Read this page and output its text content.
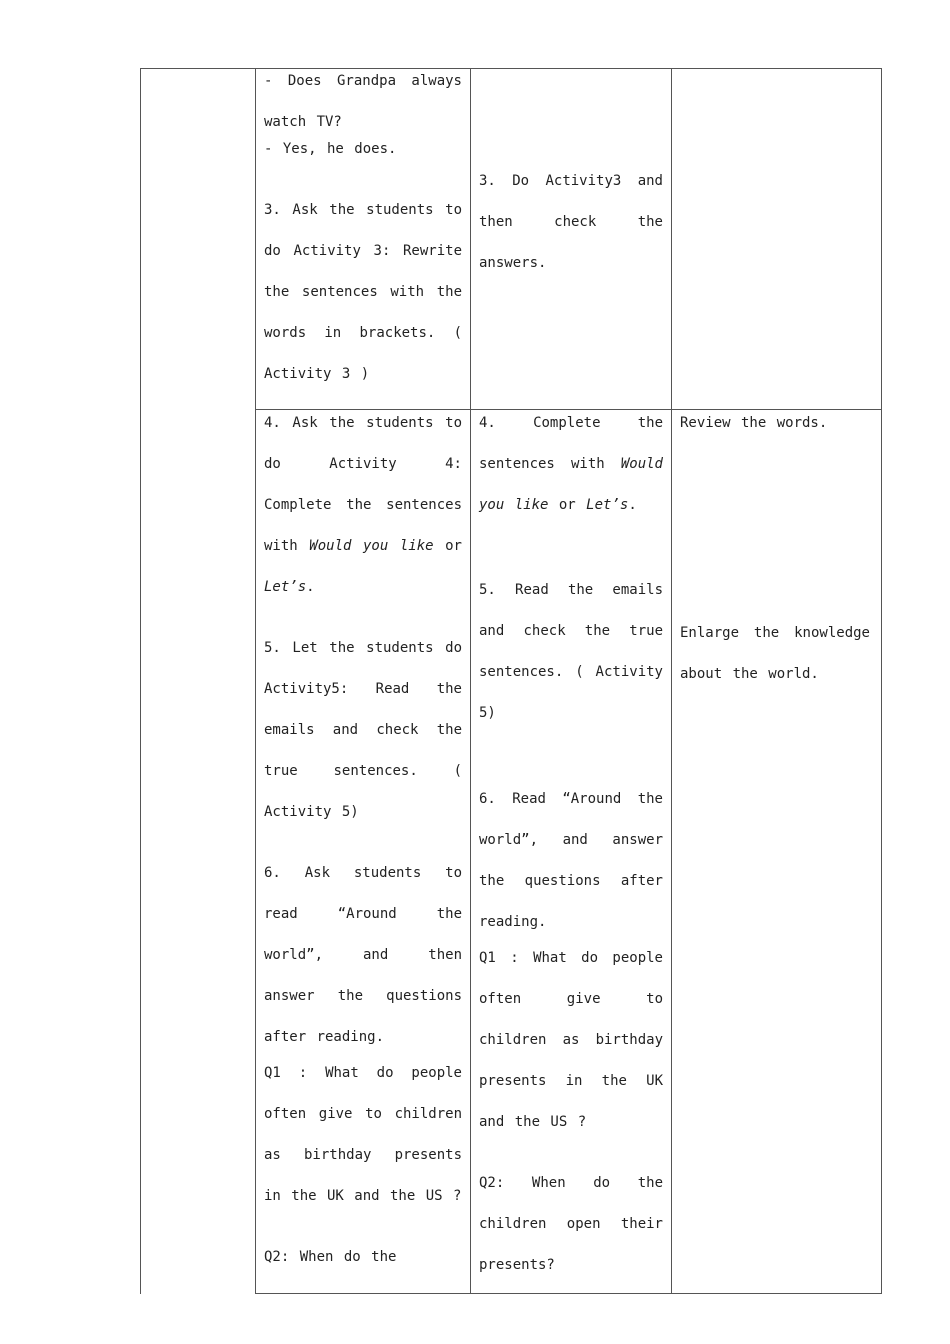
- Does Grandpa always watch TV?

- Yes, he does.

3. Ask the students to do Activity 3: Rewrite the sentences with the words in brackets. ( Activity 3 )

3. Do Activity3 and then check the answers.

4. Ask the students to do Activity 4: Complete the sentences with Would you like or Let’s.

5. Let the students do Activity5: Read the emails and check the true sentences. ( Activity 5)

6. Ask students to read “Around the world”, and then answer the questions after reading.

Q1 : What do people often give to children as birthday presents in the UK and the US ?

Q2: When do the

4. Complete the sentences with Would you like or Let’s.

5. Read the emails and check the true sentences. ( Activity 5)

6. Read “Around the world”, and answer the questions after reading.

Q1 : What do people often give to children as birthday presents in the UK and the US ?

Q2: When do the children open their presents?

Review the words.

Enlarge the knowledge about the world.
